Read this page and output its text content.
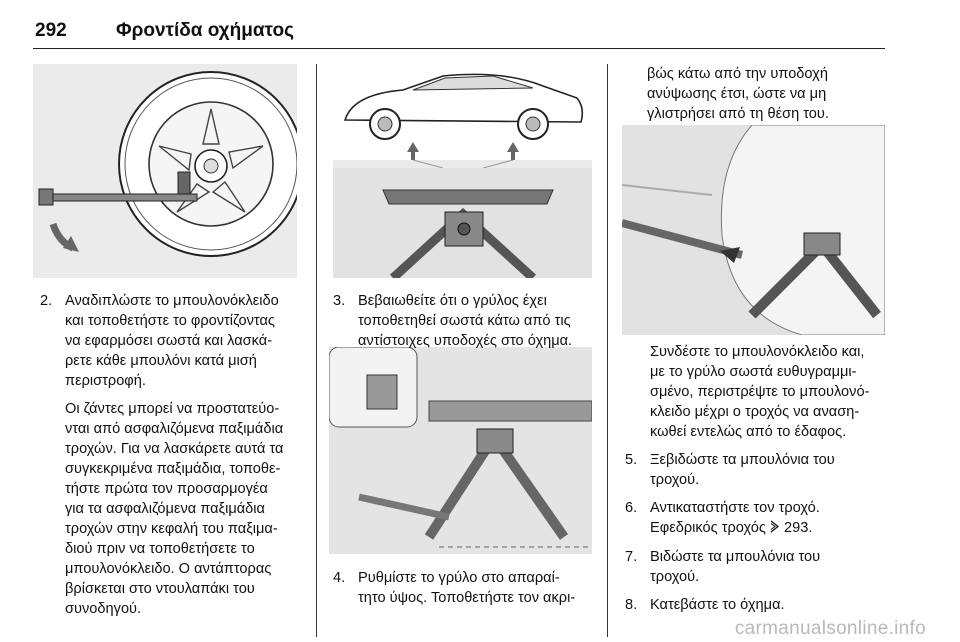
292	Φροντίδα οχήματος
2. Αναδιπλώστε το μπουλονόκλειδο

και τοποθετήστε το φροντίζοντας

να εφαρμόσει σωστά και λασκά-

ρετε κάθε μπουλόνι κατά μισή

περιστροφή.

Οι ζάντες μπορεί να προστατεύο-

νται από ασφαλιζόμενα παξιμάδια

τροχών. Για να λασκάρετε αυτά τα

συγκεκριμένα παξιμάδια, τοποθε-

τήστε πρώτα τον προσαρμογέα

για τα ασφαλιζόμενα παξιμάδια

τροχών στην κεφαλή του παξιμα-

διού πριν να τοποθετήσετε το

μπουλονόκλειδο. Ο αντάπτορας

βρίσκεται στο ντουλαπάκι του

συνοδηγού.

3. Βεβαιωθείτε ότι ο γρύλος έχει

τοποθετηθεί σωστά κάτω από τις

αντίστοιχες υποδοχές στο όχημα.

4. Ρυθμίστε το γρύλο στο απαραί-

τητο ύψος. Τοποθετήστε τον ακρι-

βώς κάτω από την υποδοχή

ανύψωσης έτσι, ώστε να μη

γλιστρήσει από τη θέση του.

Συνδέστε το μπουλονόκλειδο και,

με το γρύλο σωστά ευθυγραμμι-

σμένο, περιστρέψτε το μπουλονό-

κλειδο μέχρι ο τροχός να αναση-

κωθεί εντελώς από το έδαφος.

5. Ξεβιδώστε τα μπουλόνια του

τροχού.

6. Αντικαταστήστε τον τροχό.

Εφεδρικός τροχός 293.

7. Βιδώστε τα μπουλόνια του

τροχού.

8. Κατεβάστε το όχημα.

carmanualsonline.info
